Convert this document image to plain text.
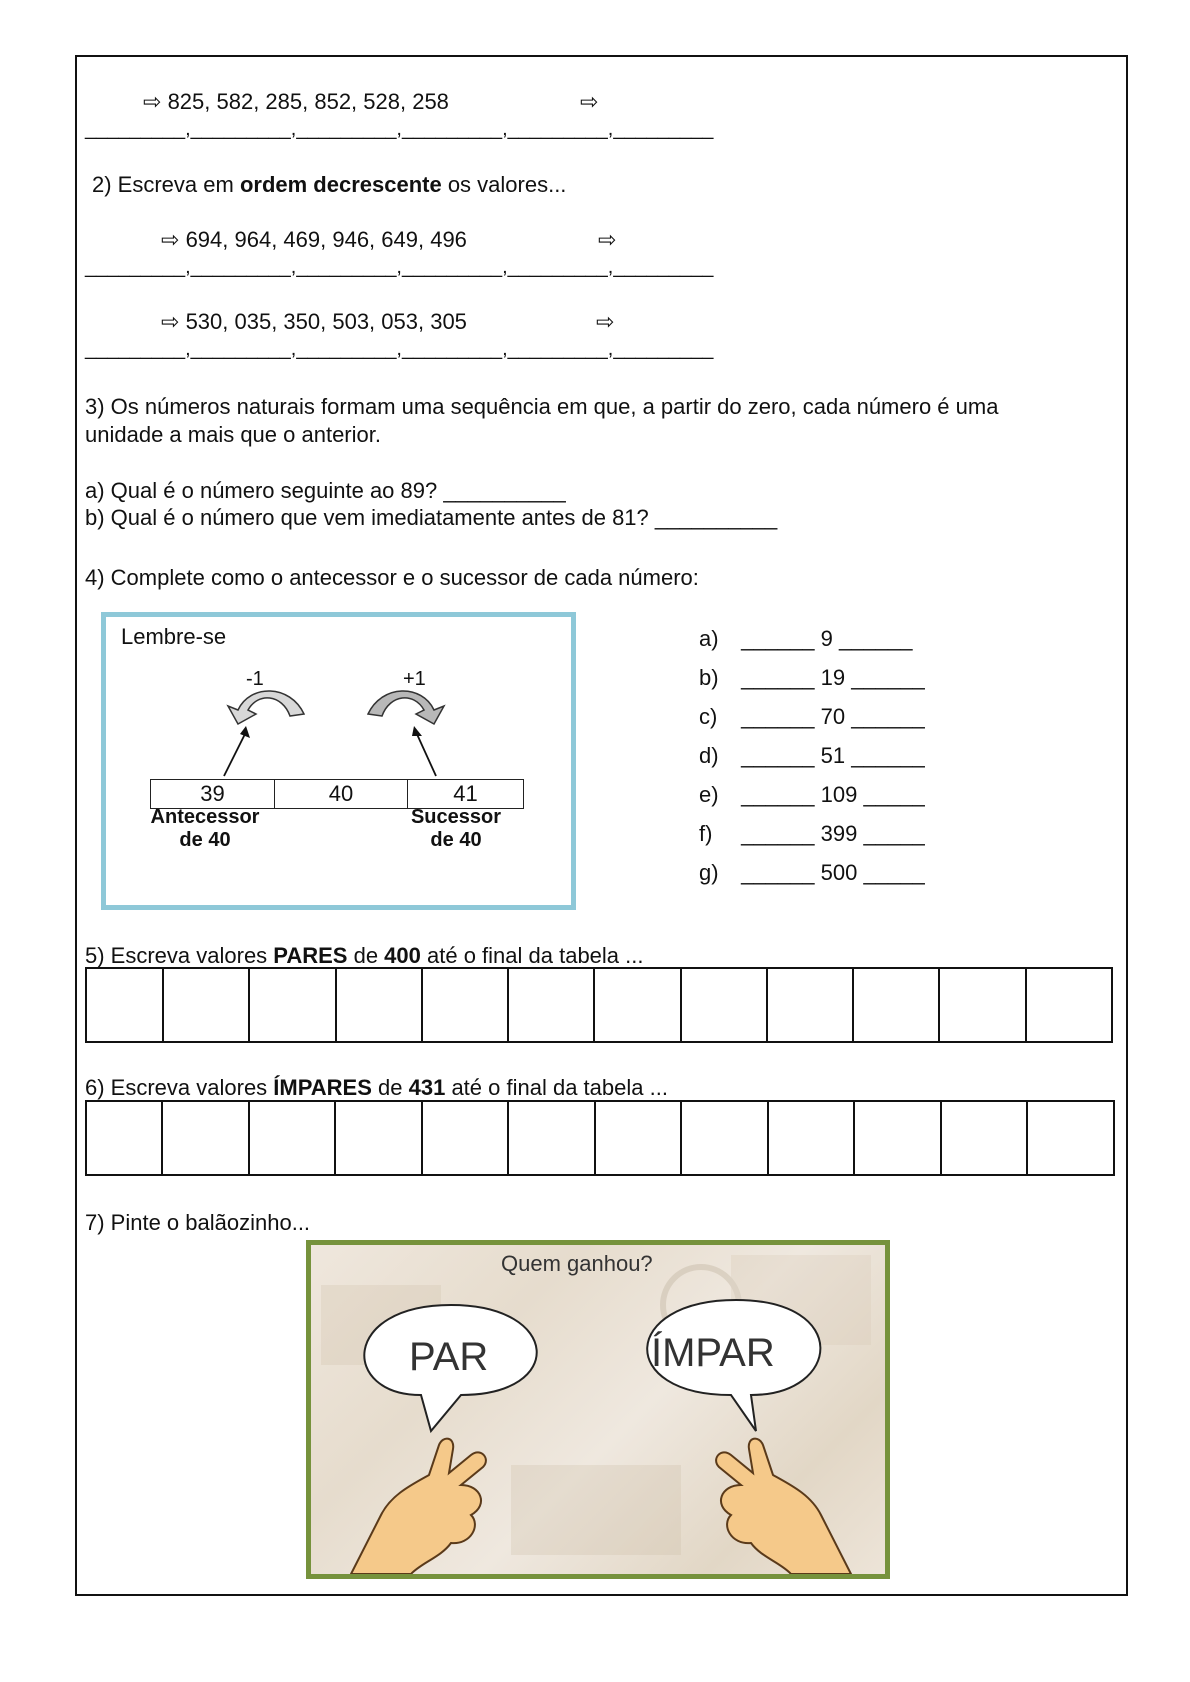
⇨ 825, 582, 285, 852, 528, 258	⇨
_________,_________,_________,_________,_________,_________
2) Escreva em ordem decrescente os valores...
⇨ 694, 964, 469, 946, 649, 496	⇨
_________,_________,_________,_________,_________,_________
⇨ 530, 035, 350, 503, 053, 305	⇨
_________,_________,_________,_________,_________,_________
3) Os números naturais formam uma sequência em que, a partir do zero, cada número é uma
unidade a mais que o anterior.
a) Qual é o número seguinte ao 89? __________
b) Qual é o número que vem imediatamente antes de 81? __________
4) Complete como o antecessor e o sucessor de cada número:
Lembre-se
-1	+1
39	40	41
Antecessor
de 40
Sucessor
de 40
a) ______ 9 ______
b) ______ 19 ______
c) ______ 70 ______
d) ______ 51 ______
e) ______ 109 _____
f) ______ 399 _____
g) ______ 500 _____
5) Escreva valores PARES de 400 até o final da tabela ...
6) Escreva valores ÍMPARES de 431 até o final da tabela ...
7) Pinte o balãozinho...
Quem ganhou?
PAR	ÍMPAR
